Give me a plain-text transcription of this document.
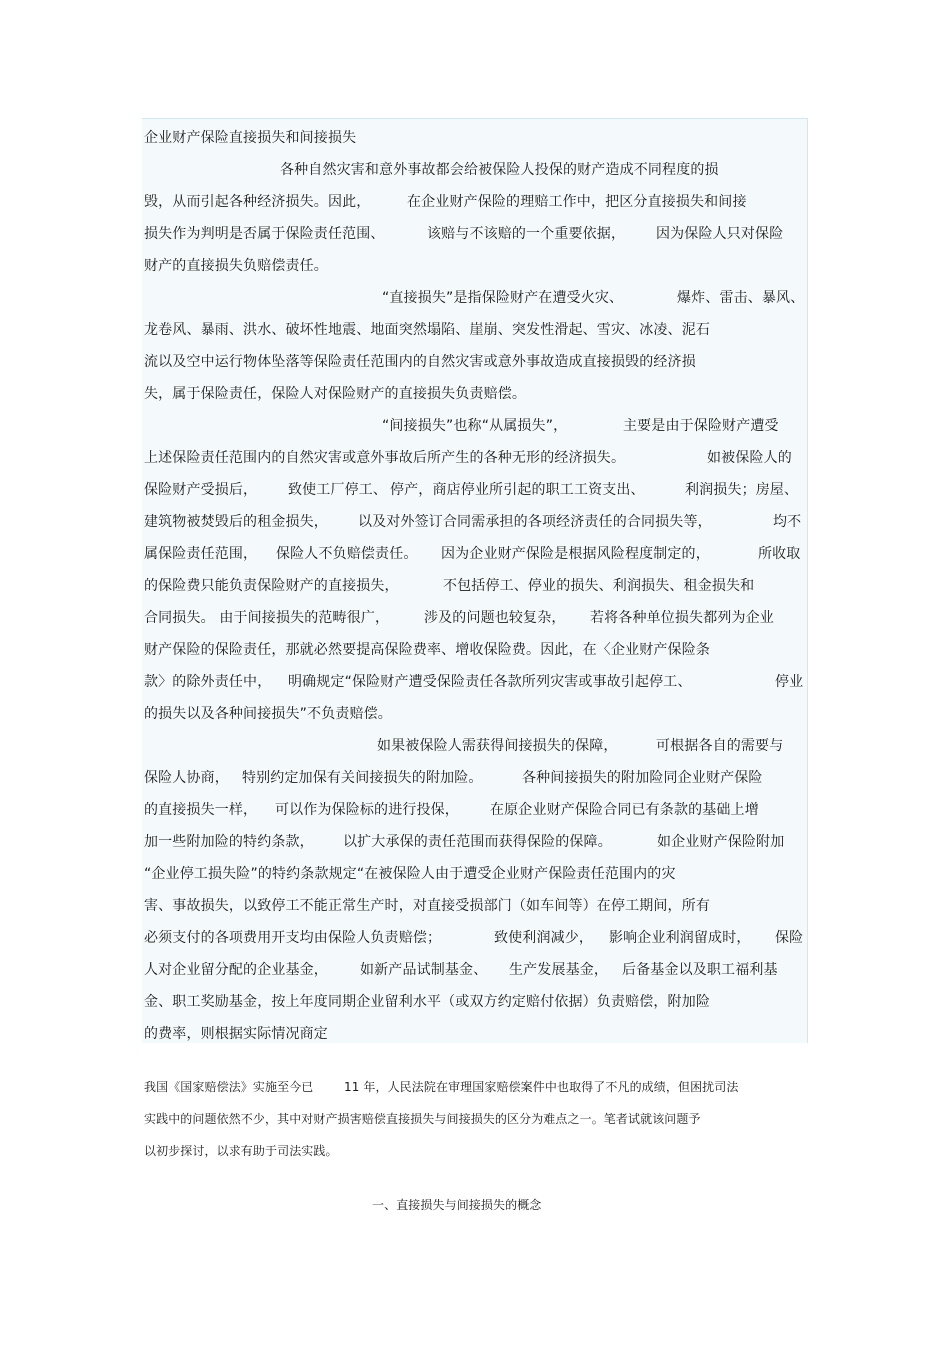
企业财产保险直接损失和间接损失
各种自然灾害和意外事故都会给被保险人投保的财产造成不同程度的损
毁，从而引起各种经济损失。因此，	在企业财产保险的理赔工作中，把区分直接损失和间接
损失作为判明是否属于保险责任范围、	该赔与不该赔的一个重要依据， 因为保险人只对保险
财产的直接损失负赔偿责任。
“直接损失”是指保险财产在遭受火灾、	爆炸、雷击、暴风、
龙卷风、暴雨、洪水、破坏性地震、地面突然塌陷、崖崩、突发性滑起、雪灾、冰凌、泥石
流以及空中运行物体坠落等保险责任范围内的自然灾害或意外事故造成直接损毁的经济损
失，属于保险责任，保险人对保险财产的直接损失负责赔偿。
“间接损失”也称“从属损失”，	主要是由于保险财产遭受
上述保险责任范围内的自然灾害或意外事故后所产生的各种无形的经济损失。	如被保险人的
保险财产受损后， 致使工厂停工、 停产，商店停业所引起的职工工资支出、	利润损失；房屋、
建筑物被焚毁后的租金损失， 以及对外签订合同需承担的各项经济责任的合同损失等，	均不
属保险责任范围， 保险人不负赔偿责任。 因为企业财产保险是根据风险程度制定的，	所收取
的保险费只能负责保险财产的直接损失，	不包括停工、停业的损失、利润损失、租金损失和
合同损失。 由于间接损失的范畴很广， 涉及的问题也较复杂， 若将各种单位损失都列为企业
财产保险的保险责任，那就必然要提高保险费率、增收保险费。因此，在〈企业财产保险条
款〉的除外责任中， 明确规定“保险财产遭受保险责任各款所列灾害或事故引起停工、	停业
的损失以及各种间接损失”不负责赔偿。
如果被保险人需获得间接损失的保障，	可根据各自的需要与
保险人协商， 特别约定加保有关间接损失的附加险。	各种间接损失的附加险同企业财产保险
的直接损失一样， 可以作为保险标的进行投保， 在原企业财产保险合同已有条款的基础上增
加一些附加险的特约条款， 以扩大承保的责任范围而获得保险的保障。	如企业财产保险附加
“企业停工损失险”的特约条款规定“在被保险人由于遭受企业财产保险责任范围内的灾
害、事故损失，以致停工不能正常生产时，对直接受损部门（如车间等）在停工期间，所有
必须支付的各项费用开支均由保险人负责赔偿；	致使利润减少， 影响企业利润留成时， 保险
人对企业留分配的企业基金， 如新产品试制基金、 生产发展基金， 后备基金以及职工福利基
金、职工奖励基金，按上年度同期企业留利水平（或双方约定赔付依据）负责赔偿，附加险
的费率，则根据实际情况商定
我国《国家赔偿法》实施至今已	11 年，人民法院在审理国家赔偿案件中也取得了不凡的成绩，但困扰司法
实践中的问题依然不少，其中对财产损害赔偿直接损失与间接损失的区分为难点之一。笔者试就该问题予
以初步探讨，以求有助于司法实践。
一、直接损失与间接损失的概念
